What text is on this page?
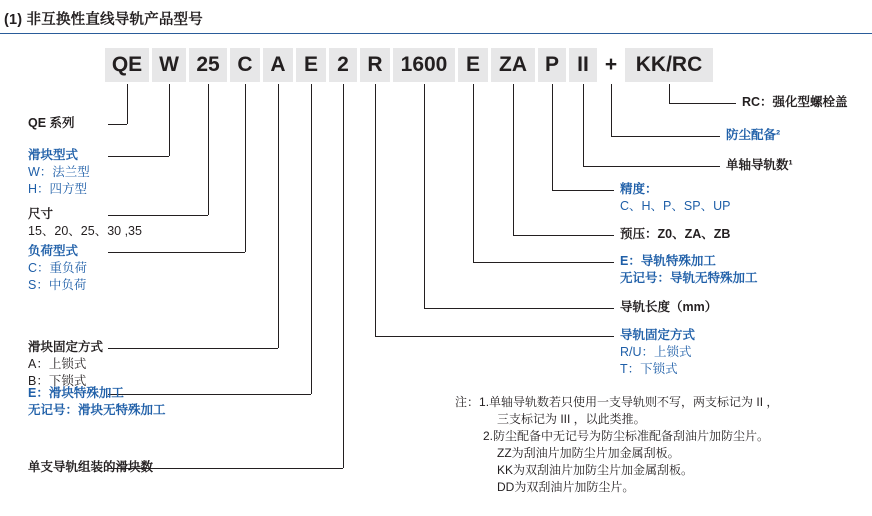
(1) 非互换性直线导轨产品型号
QE W 25 C A E 2 R 1600 E ZA P II + KK/RC
QE 系列
滑块型式
W：法兰型
H：四方型
尺寸
15、20、25、30 ,35
负荷型式
C：重负荷
S：中负荷
滑块固定方式
A：上锁式
B：下锁式
E：滑块特殊加工
无记号：滑块无特殊加工
单支导轨组装的滑块数
RC：强化型螺栓盖
防尘配备²
单轴导轨数¹
精度：
C、H、P、SP、UP
预压：Z0、ZA、ZB
E：导轨特殊加工
无记号：导轨无特殊加工
导轨长度（mm）
导轨固定方式
R/U：上锁式
T：下锁式
注：1.单轴导轨数若只使用一支导轨则不写，两支标记为 II ，
三支标记为 III ，以此类推。
2.防尘配备中无记号为防尘标准配备刮油片加防尘片。
ZZ为刮油片加防尘片加金属刮板。
KK为双刮油片加防尘片加金属刮板。
DD为双刮油片加防尘片。
